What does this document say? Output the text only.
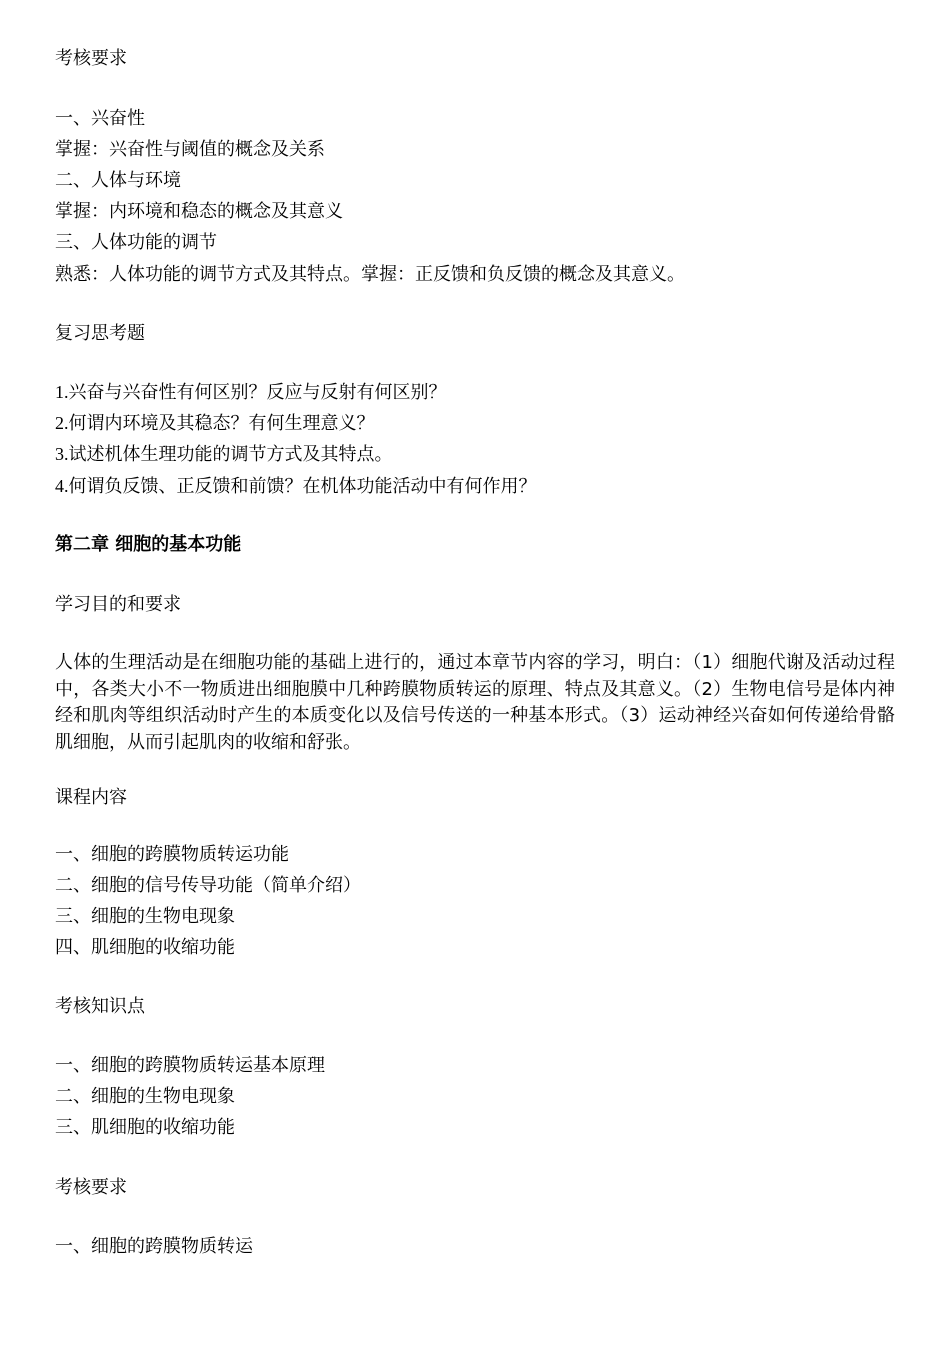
考核要求
一、兴奋性
掌握：兴奋性与阈值的概念及关系
二、人体与环境
掌握：内环境和稳态的概念及其意义
三、人体功能的调节
熟悉：人体功能的调节方式及其特点。掌握：正反馈和负反馈的概念及其意义。
复习思考题
1.兴奋与兴奋性有何区别？反应与反射有何区别？
2.何谓内环境及其稳态？有何生理意义？
3.试述机体生理功能的调节方式及其特点。
4.何谓负反馈、正反馈和前馈？在机体功能活动中有何作用？
第二章 细胞的基本功能
学习目的和要求
人体的生理活动是在细胞功能的基础上进行的，通过本章节内容的学习，明白：（1）细胞代谢及活动过程中，各类大小不一物质进出细胞膜中几种跨膜物质转运的原理、特点及其意义。（2）生物电信号是体内神经和肌肉等组织活动时产生的本质变化以及信号传送的一种基本形式。（3）运动神经兴奋如何传递给骨骼肌细胞，从而引起肌肉的收缩和舒张。
课程内容
一、细胞的跨膜物质转运功能
二、细胞的信号传导功能（简单介绍）
三、细胞的生物电现象
四、肌细胞的收缩功能
考核知识点
一、细胞的跨膜物质转运基本原理
二、细胞的生物电现象
三、肌细胞的收缩功能
考核要求
一、细胞的跨膜物质转运
